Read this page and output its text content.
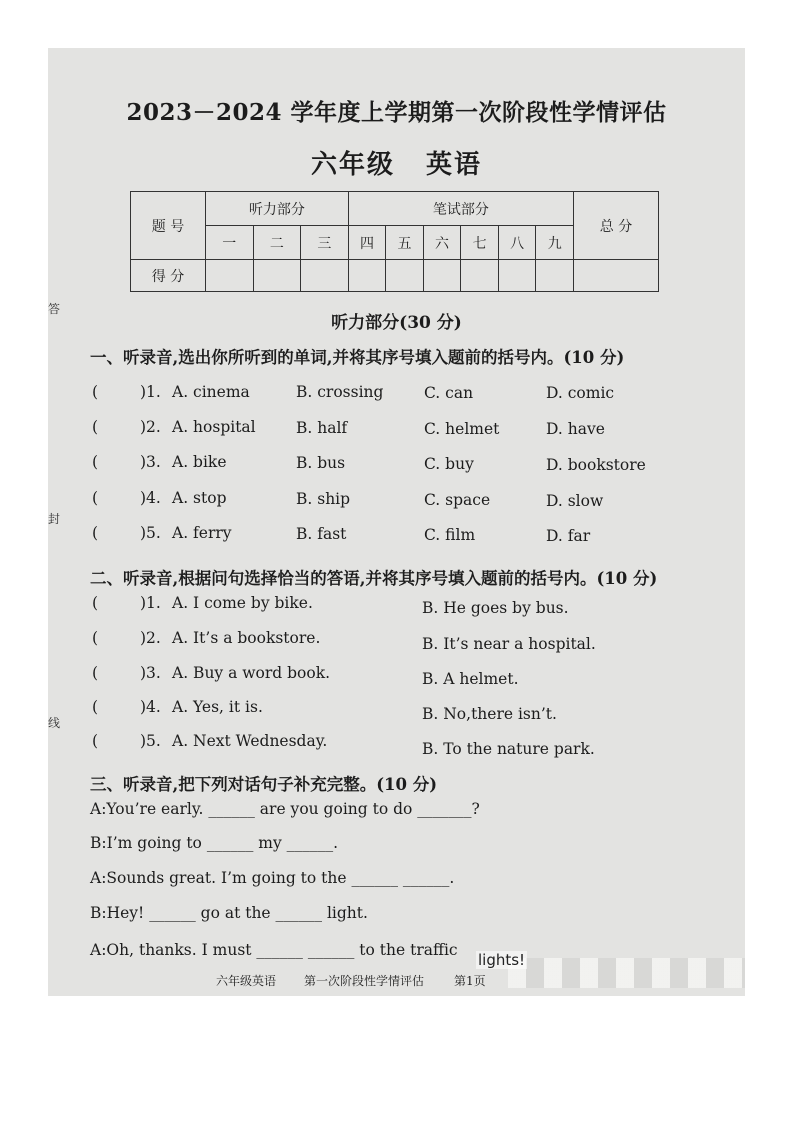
2023－2024 学年度上学期第一次阶段性学情评估
六年级 英语
题 号	听力部分			笔试部分						总 分
	一	二	三	四	五	六	七	八	九	
得 分										
听力部分(30 分)
答
封
线
一、听录音,选出你所听到的单词,并将其序号填入题前的括号内。(10 分)
(	)1. A. cinema	B. crossing	C. can	D. comic
(	)2. A. hospital	B. half	C. helmet	D. have
(	)3. A. bike	B. bus	C. buy	D. bookstore
(	)4. A. stop	B. ship	C. space	D. slow
(	)5. A. ferry	B. fast	C. film	D. far
二、听录音,根据问句选择恰当的答语,并将其序号填入题前的括号内。(10 分)
(	)1. A. I come by bike.	B. He goes by bus.
(	)2. A. It’s a bookstore.	B. It’s near a hospital.
(	)3. A. Buy a word book.	B. A helmet.
(	)4. A. Yes, it is.	B. No,there isn’t.
(	)5. A. Next Wednesday.	B. To the nature park.
三、听录音,把下列对话句子补充完整。(10 分)
A:You’re early. ______ are you going to do _______?
B:I’m going to ______ my ______.
A:Sounds great. I’m going to the ______ ______.
B:Hey! ______ go at the ______ light.
A:Oh, thanks. I must ______ ______ to the traffic
lights!
六年级英语 第一次阶段性学情评估 第1页
